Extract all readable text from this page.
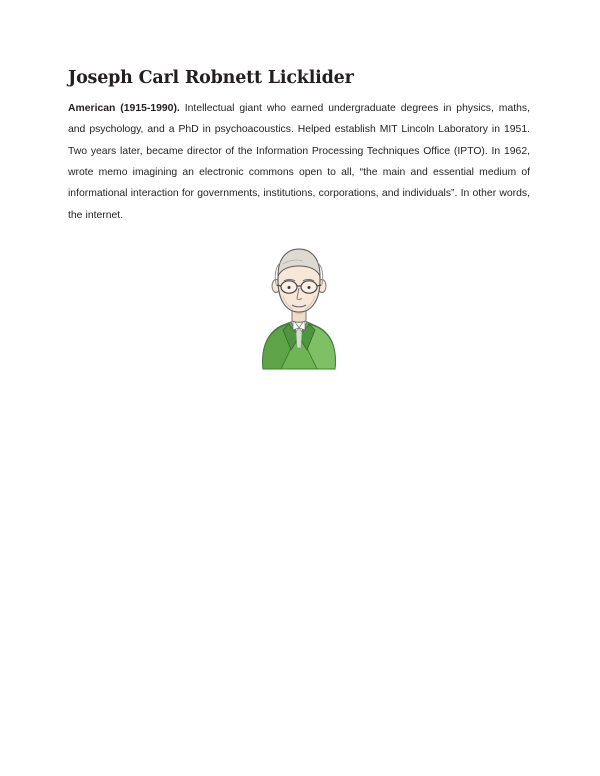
Joseph Carl Robnett Licklider

American (1915-1990). Intellectual giant who earned undergraduate degrees in physics, maths, and psychology, and a PhD in psychoacoustics. Helped establish MIT Lincoln Laboratory in 1951. Two years later, became director of the Information Processing Techniques Office (IPTO). In 1962, wrote memo imagining an electronic commons open to all, “the main and essential medium of informational interaction for governments, institutions, corporations, and individuals”. In other words, the internet.
